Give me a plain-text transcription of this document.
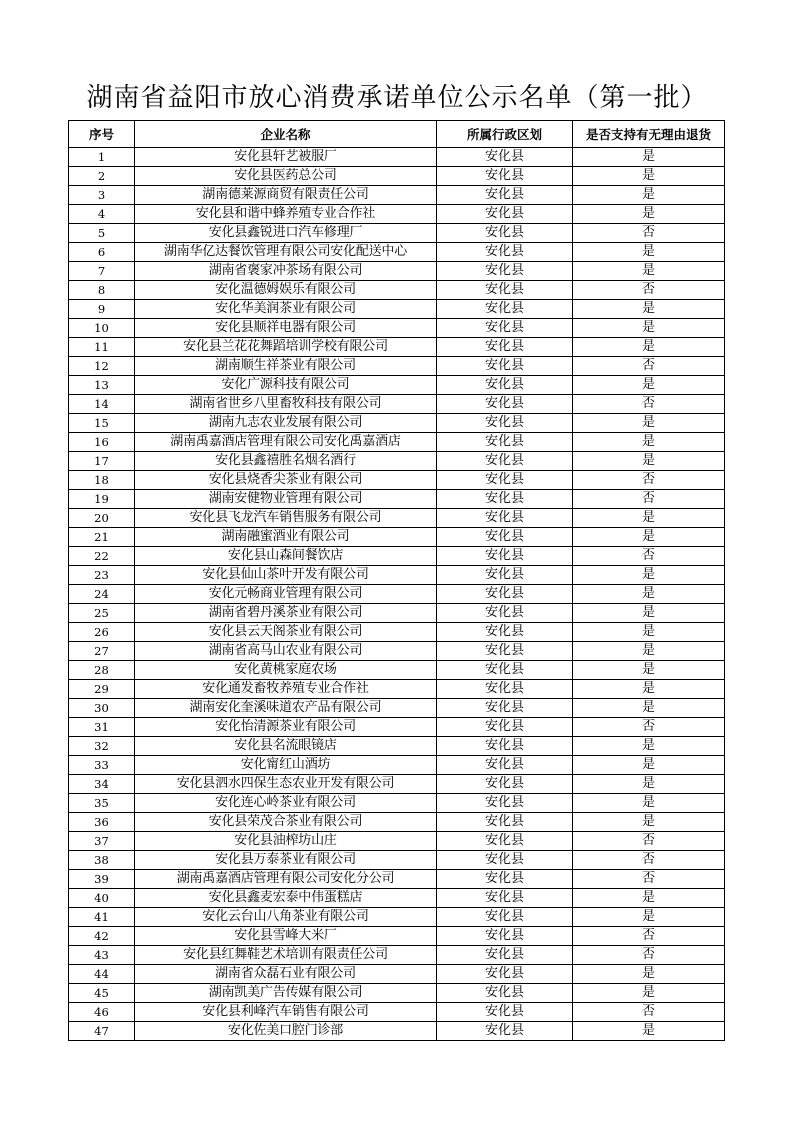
湖南省益阳市放心消费承诺单位公示名单（第一批）
序号	企业名称	所属行政区划	是否支持有无理由退货
1	安化县轩艺被服厂	安化县	是
2	安化县医药总公司	安化县	是
3	湖南德莱源商贸有限责任公司	安化县	是
4	安化县和谐中蜂养殖专业合作社	安化县	是
5	安化县鑫锐进口汽车修理厂	安化县	否
6	湖南华亿达餐饮管理有限公司安化配送中心	安化县	是
7	湖南省褒家冲茶场有限公司	安化县	是
8	安化温德姆娱乐有限公司	安化县	否
9	安化华美润茶业有限公司	安化县	是
10	安化县顺祥电器有限公司	安化县	是
11	安化县兰花花舞蹈培训学校有限公司	安化县	是
12	湖南顺生祥茶业有限公司	安化县	否
13	安化广源科技有限公司	安化县	是
14	湖南省世乡八里畜牧科技有限公司	安化县	否
15	湖南九志农业发展有限公司	安化县	是
16	湖南禹嘉酒店管理有限公司安化禹嘉酒店	安化县	是
17	安化县鑫禧胜名烟名酒行	安化县	是
18	安化县烧香尖茶业有限公司	安化县	否
19	湖南安健物业管理有限公司	安化县	否
20	安化县飞龙汽车销售服务有限公司	安化县	是
21	湖南融蜜酒业有限公司	安化县	是
22	安化县山森间餐饮店	安化县	否
23	安化县仙山茶叶开发有限公司	安化县	是
24	安化元畅商业管理有限公司	安化县	是
25	湖南省碧丹溪茶业有限公司	安化县	是
26	安化县云天阁茶业有限公司	安化县	是
27	湖南省高马山农业有限公司	安化县	是
28	安化黄桃家庭农场	安化县	是
29	安化通发畜牧养殖专业合作社	安化县	是
30	湖南安化奎溪味道农产品有限公司	安化县	是
31	安化怡清源茶业有限公司	安化县	否
32	安化县名流眼镜店	安化县	是
33	安化甯红山酒坊	安化县	是
34	安化县泗水四保生态农业开发有限公司	安化县	是
35	安化连心岭茶业有限公司	安化县	是
36	安化县荣茂合茶业有限公司	安化县	是
37	安化县油榨坊山庄	安化县	否
38	安化县万泰茶业有限公司	安化县	否
39	湖南禹嘉酒店管理有限公司安化分公司	安化县	否
40	安化县鑫麦宏泰中伟蛋糕店	安化县	是
41	安化云台山八角茶业有限公司	安化县	是
42	安化县雪峰大米厂	安化县	否
43	安化县红舞鞋艺术培训有限责任公司	安化县	否
44	湖南省众磊石业有限公司	安化县	是
45	湖南凯美广告传媒有限公司	安化县	是
46	安化县利峰汽车销售有限公司	安化县	否
47	安化佐美口腔门诊部	安化县	是
